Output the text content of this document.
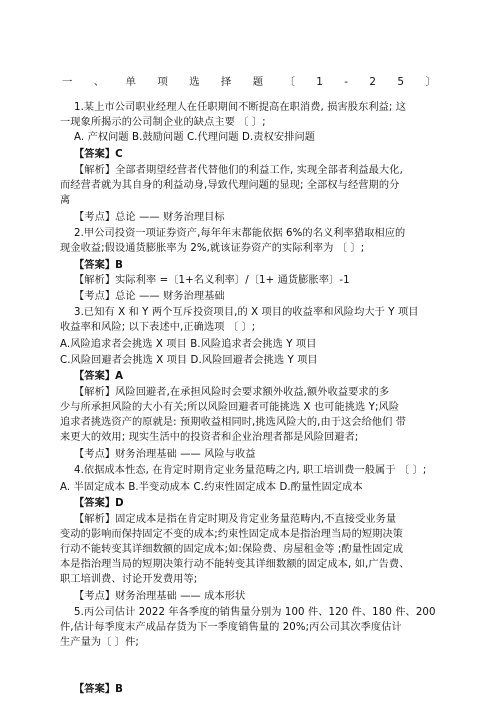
一 、 单 项 选 择 题 〔 1 - 2 5 〕
1.某上市公司职业经理人在任职期间不断提高在职消费, 损害股东利益; 这
一现象所揭示的公司制企业的缺点主要 〔 〕;
A. 产权问题 B.鼓励问题 C.代理问题 D.责权安排问题
【答案】C
【解析】全部者期望经营者代替他们的利益工作, 实现全部者利益最大化,
而经营者就为其自身的利益动身,导致代理问题的显现; 全部权与经营期的分
离
【考点】总论 —— 财务治理目标
2.甲公司投资一项证券资产,每年年末都能依据 6%的名义利率猎取相应的
现金收益;假设通货膨胀率为 2%,就该证券资产的实际利率为 〔 〕;
【答案】B
【解析】实际利率 =〔1+名义利率〕/〔1+ 通货膨胀率〕-1
【考点】总论 —— 财务治理基础
3.已知有 X 和 Y 两个互斥投资项目,的 X 项目的收益率和风险均大于 Y 项目
收益率和风险; 以下表述中,正确选项 〔 〕;
A.风险追求者会挑选 X 项目 B.风险追求者会挑选 Y 项目
C.风险回避者会挑选 X 项目 D.风险回避者会挑选 Y 项目
【答案】A
【解析】风险回避者,在承担风险时会要求额外收益,额外收益要求的多
少与所承担风险的大小有关;所以风险回避者可能挑选 X 也可能挑选 Y;风险
追求者挑选资产的原就是: 预期收益相同时,挑选风险大的,由于这会给他们 带
来更大的效用; 现实生活中的投资者和企业治理者都是风险回避者;
【考点】财务治理基础 —— 风险与收益
4.依据成本性态, 在肯定时期肯定业务量范畴之内, 职工培训费一般属于 〔 〕;
A. 半固定成本 B.半变动成本 C.约束性固定成本 D.酌量性固定成本
【答案】D
【解析】固定成本是指在肯定时期及肯定业务量范畴内,不直接受业务量
变动的影响而保持固定不变的成本;约束性固定成本是指治理当局的短期决策
行动不能转变其详细数额的固定成本;如:保险费、房屋租金等 ;酌量性固定成
本是指治理当局的短期决策行动不能转变其详细数额的固定成本, 如,广告费、
职工培训费、讨论开发费用等;
【考点】财务治理基础 —— 成本形状
5.丙公司估计 2022 年各季度的销售量分别为 100 件、120 件、180 件、200
件,估计每季度末产成品存货为下一季度销售量的 20%;丙公司其次季度估计
生产量为〔 〕件;
【答案】B
